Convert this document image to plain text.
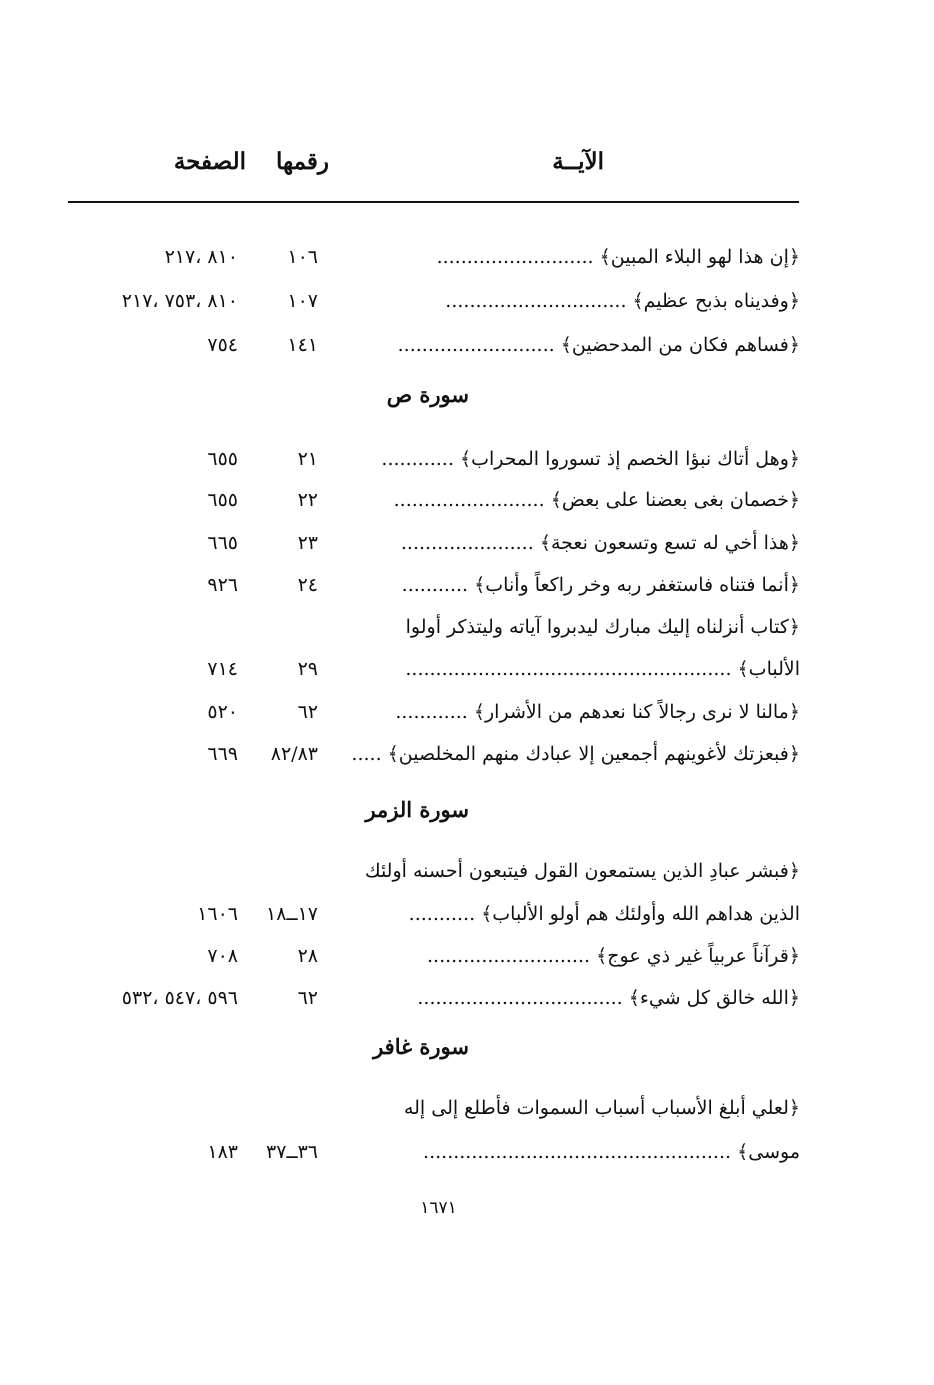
الآيــة
رقمها
الصفحة
سورة ص
سورة الزمر
سورة غافر
﴿إن هذا لهو البلاء المبين﴾ ..........................
١٠٦
٨١٠ ،٢١٧
﴿وفديناه بذبح عظيم﴾ ..............................
١٠٧
٨١٠ ،٧٥٣ ،٢١٧
﴿فساهم فكان من المدحضين﴾ ..........................
١٤١
٧٥٤
﴿وهل أتاك نبؤا الخصم إذ تسوروا المحراب﴾ ............
٢١
٦٥٥
﴿خصمان بغى بعضنا على بعض﴾ .........................
٢٢
٦٥٥
﴿هذا أخي له تسع وتسعون نعجة﴾ ......................
٢٣
٦٦٥
﴿أنما فتناه فاستغفر ربه وخر راكعاً وأناب﴾ ...........
٢٤
٩٢٦
﴿كتاب أنزلناه إليك مبارك ليدبروا آياته وليتذكر أولوا
الألباب﴾ ......................................................
٢٩
٧١٤
﴿مالنا لا نرى رجالاً كنا نعدهم من الأشرار﴾ ............
٦٢
٥٢٠
﴿فبعزتك لأغوينهم أجمعين إلا عبادك منهم المخلصين﴾ .....
٨٢/٨٣
٦٦٩
﴿فبشر عبادِ الذين يستمعون القول فيتبعون أحسنه أولئك
الذين هداهم الله وأولئك هم أولو الألباب﴾ ...........
١٧ــ١٨
١٦٠٦
﴿قرآناً عربياً غير ذي عوج﴾ ...........................
٢٨
٧٠٨
﴿الله خالق كل شيء﴾ ..................................
٦٢
٥٩٦ ،٥٤٧ ،٥٣٢
﴿لعلي أبلغ الأسباب أسباب السموات فأطلع إلى إله
موسى﴾ ...................................................
٣٦ــ٣٧
١٨٣
١٦٧١
